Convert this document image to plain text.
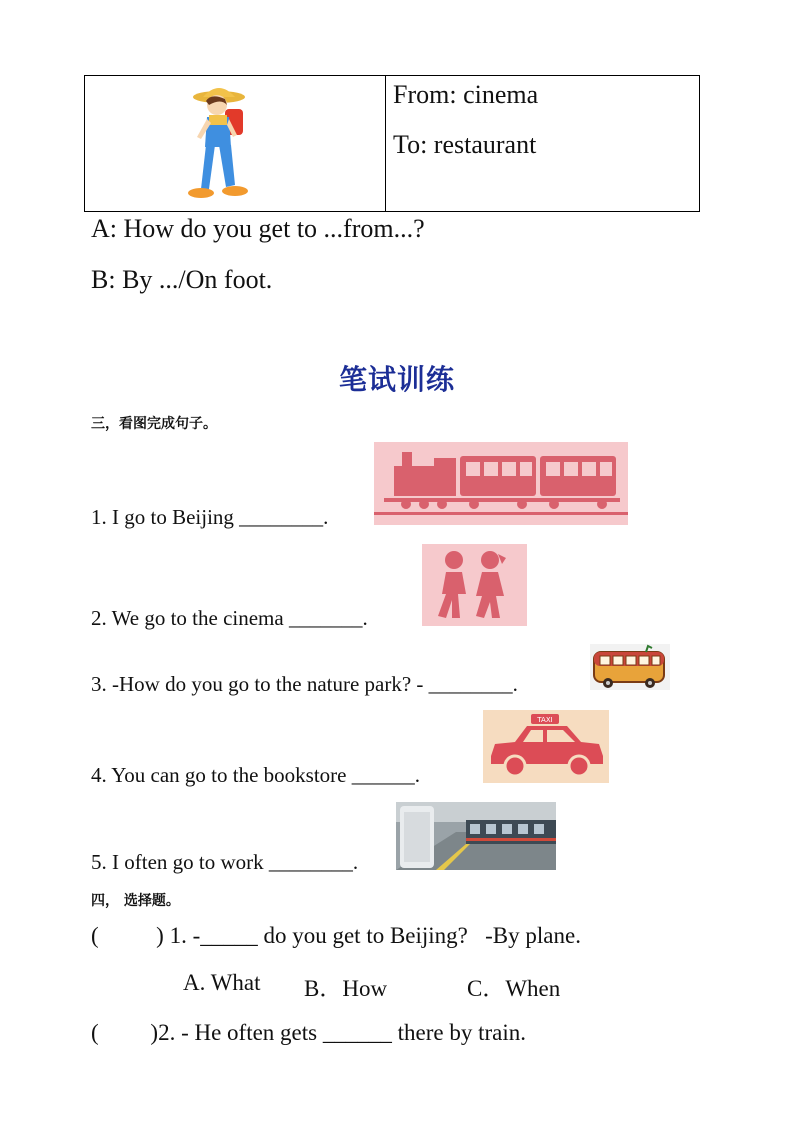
From: cinema
To: restaurant
A: How do you get to ...from...?
B: By .../On foot.
笔试训练
三，看图完成句子。
1. I go to Beijing ________.
2. We go to the cinema _______.
3. -How do you go to the nature park? - ________.
4. You can go to the bookstore ______.
5. I often go to work ________.
TAXI
四， 选择题。
(          ) 1. -_____ do you get to Beijing?   -By plane.
A. What B．How	C．When
(         )2. - He often gets ______ there by train.
